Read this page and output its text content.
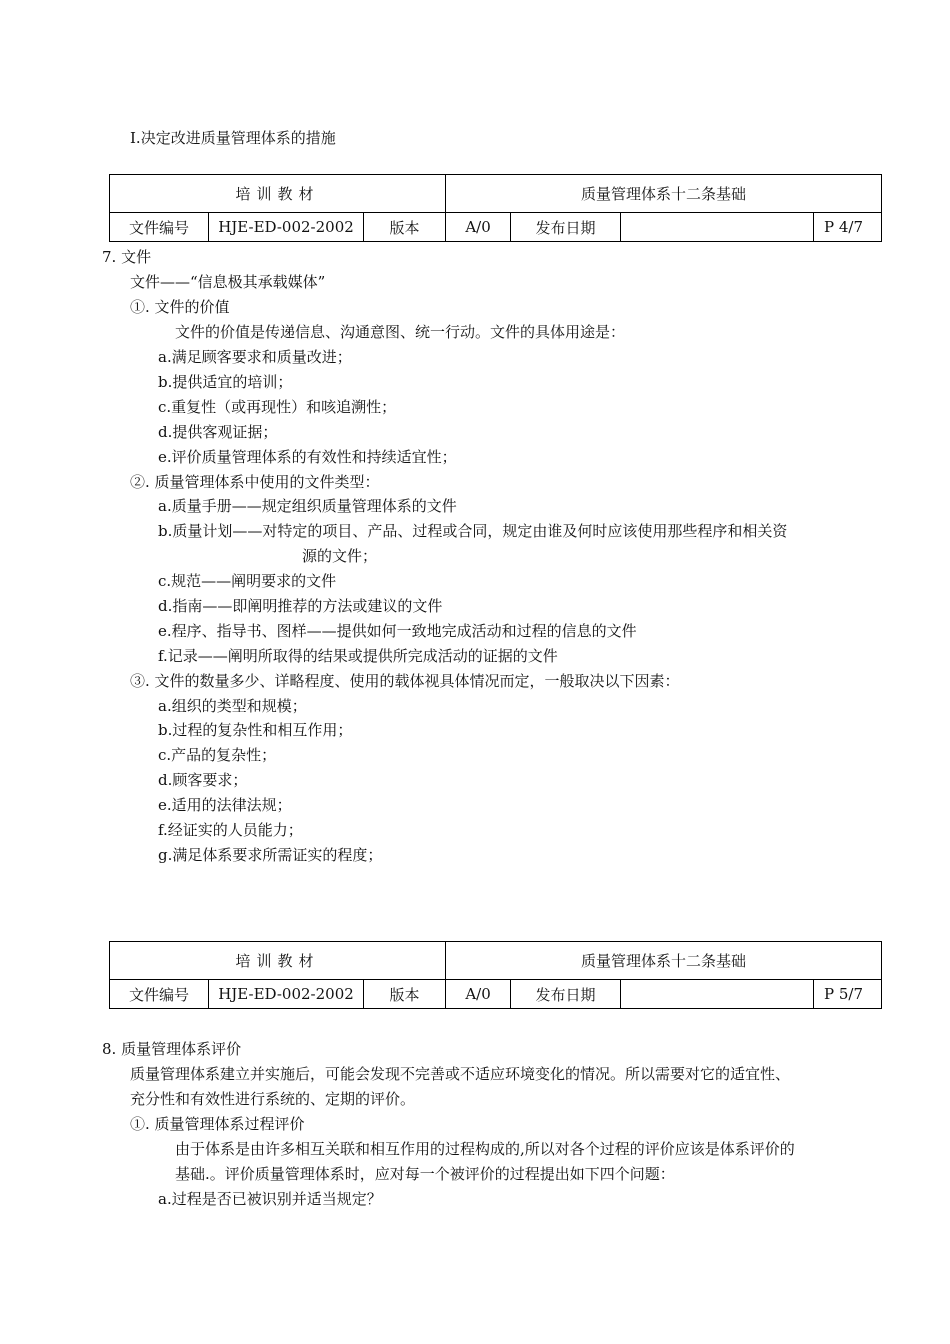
I.决定改进质量管理体系的措施
培训教材			质量管理体系十二条基础			
文件编号	HJE-ED-002-2002	版本	A/0	发布日期		P 4/7
7. 文件
文件——“信息极其承载媒体”
①. 文件的价值
文件的价值是传递信息、沟通意图、统一行动。文件的具体用途是：
a.满足顾客要求和质量改进；
b.提供适宜的培训；
c.重复性（或再现性）和咳追溯性；
d.提供客观证据；
e.评价质量管理体系的有效性和持续适宜性；
②. 质量管理体系中使用的文件类型：
a.质量手册——规定组织质量管理体系的文件
b.质量计划——对特定的项目、产品、过程或合同，规定由谁及何时应该使用那些程序和相关资
源的文件；
c.规范——阐明要求的文件
d.指南——即阐明推荐的方法或建议的文件
e.程序、指导书、图样——提供如何一致地完成活动和过程的信息的文件
f.记录——阐明所取得的结果或提供所完成活动的证据的文件
③. 文件的数量多少、详略程度、使用的载体视具体情况而定，一般取决以下因素：
a.组织的类型和规模；
b.过程的复杂性和相互作用；
c.产品的复杂性；
d.顾客要求；
e.适用的法律法规；
f.经证实的人员能力；
g.满足体系要求所需证实的程度；
培训教材			质量管理体系十二条基础			
文件编号	HJE-ED-002-2002	版本	A/0	发布日期		P 5/7
8. 质量管理体系评价
质量管理体系建立并实施后，可能会发现不完善或不适应环境变化的情况。所以需要对它的适宜性、
充分性和有效性进行系统的、定期的评价。
①. 质量管理体系过程评价
由于体系是由许多相互关联和相互作用的过程构成的,所以对各个过程的评价应该是体系评价的
基础.。评价质量管理体系时，应对每一个被评价的过程提出如下四个问题：
a.过程是否已被识别并适当规定？
